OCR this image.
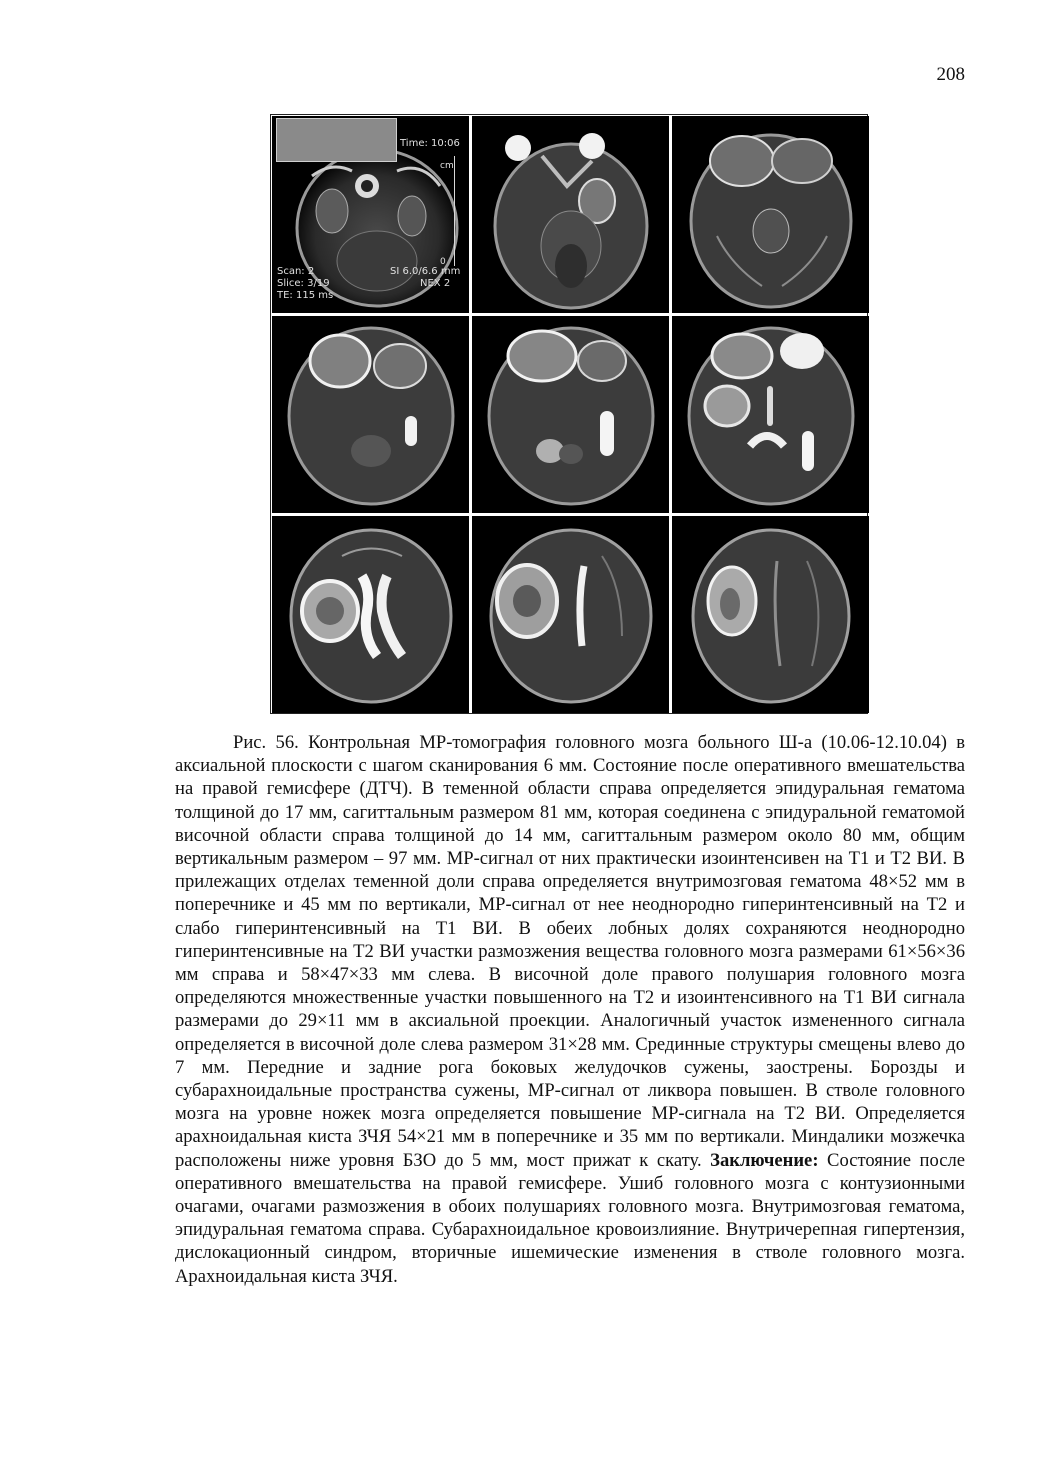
208
Time: 10:06
cm
0
Scan: 2
Slice: 3/19
TE: 115 ms
SI 6.0/6.6 mm
NEX 2

Рис. 56. Контрольная МР-томография головного мозга больного Ш-а (10.06-12.10.04) в аксиальной плоскости с шагом сканирования 6 мм. Состояние после оперативного вмешательства на правой гемисфере (ДТЧ). В теменной области справа определяется эпидуральная гематома толщиной до 17 мм, сагиттальным размером 81 мм, которая соединена с эпидуральной гематомой височной области справа толщиной до 14 мм, сагиттальным размером около 80 мм, общим вертикальным размером – 97 мм. МР-сигнал от них практически изоинтенсивен на Т1 и Т2 ВИ. В прилежащих отделах теменной доли справа определяется внутримозговая гематома 48×52 мм в поперечнике и 45 мм по вертикали, МР-сигнал от нее неоднородно гиперинтенсивный на Т2 и слабо гиперинтенсивный на Т1 ВИ. В обеих лобных долях сохраняются неоднородно гиперинтенсивные на Т2 ВИ участки размозжения вещества головного мозга размерами 61×56×36 мм справа и 58×47×33 мм слева. В височной доле правого полушария головного мозга определяются множественные участки повышенного на Т2 и изоинтенсивного на Т1 ВИ сигнала размерами до 29×11 мм в аксиальной проекции. Аналогичный участок измененного сигнала определяется в височной доле слева размером 31×28 мм. Срединные структуры смещены влево до 7 мм. Передние и задние рога боковых желудочков сужены, заострены. Борозды и субарахноидальные пространства сужены, МР-сигнал от ликвора повышен. В стволе головного мозга на уровне ножек мозга определяется повышение МР-сигнала на Т2 ВИ. Определяется арахноидальная киста ЗЧЯ 54×21 мм в поперечнике и 35 мм по вертикали. Миндалики мозжечка расположены ниже уровня БЗО до 5 мм, мост прижат к скату. Заключение: Состояние после оперативного вмешательства на правой гемисфере. Ушиб головного мозга с контузионными очагами, очагами размозжения в обоих полушариях головного мозга. Внутримозговая гематома, эпидуральная гематома справа. Субарахноидальное кровоизлияние. Внутричерепная гипертензия, дислокационный синдром, вторичные ишемические изменения в стволе головного мозга. Арахноидальная киста ЗЧЯ.
